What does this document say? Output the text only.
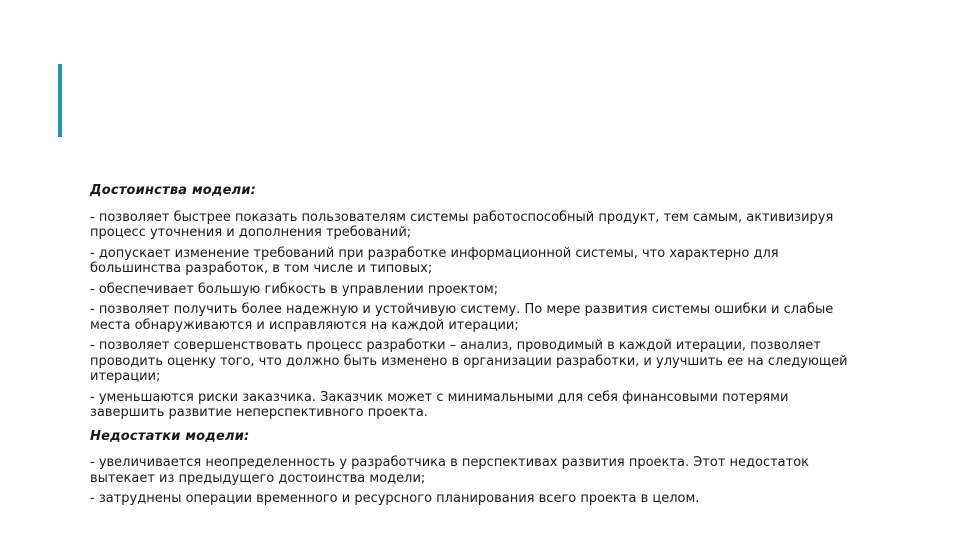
Достоинства модели:

- позволяет быстрее показать пользователям системы работоспособный продукт, тем самым, активизируя процесс уточнения и дополнения требований;

- допускает изменение требований при разработке информационной системы, что характерно для большинства разработок, в том числе и типовых;

- обеспечивает большую гибкость в управлении проектом;

- позволяет получить более надежную и устойчивую систему. По мере развития системы ошибки и слабые места обнаруживаются и исправляются на каждой итерации;

- позволяет совершенствовать процесс разработки – анализ, проводимый в каждой итерации, позволяет проводить оценку того, что должно быть изменено в организации разработки, и улучшить ее на следующей итерации;

- уменьшаются риски заказчика. Заказчик может с минимальными для себя финансовыми потерями завершить развитие неперспективного проекта.

Недостатки модели:

- увеличивается неопределенность у разработчика в перспективах развития проекта. Этот недостаток вытекает из предыдущего достоинства модели;

- затруднены операции временного и ресурсного планирования всего проекта в целом.
